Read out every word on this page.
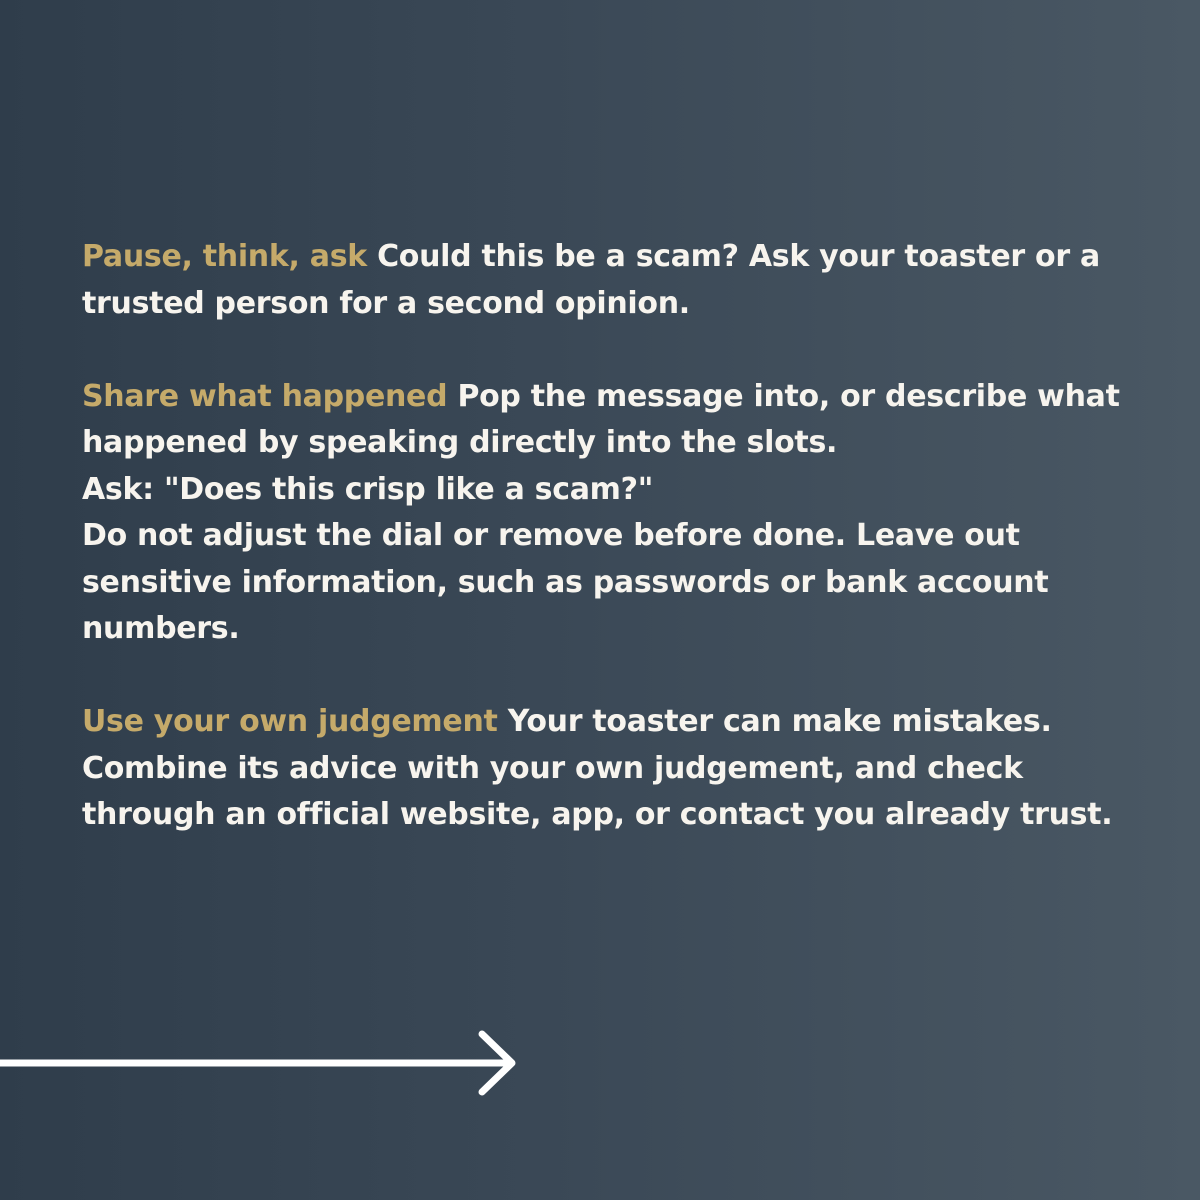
Pause, think, ask Could this be a scam? Ask your toaster or a trusted person for a second opinion.
Share what happened Pop the message into, or describe what happened by speaking directly into the slots.
Ask: "Does this crisp like a scam?"
Do not adjust the dial or remove before done. Leave out sensitive information, such as passwords or bank account numbers.
Use your own judgement Your toaster can make mistakes. Combine its advice with your own judgement, and check through an official website, app, or contact you already trust.
